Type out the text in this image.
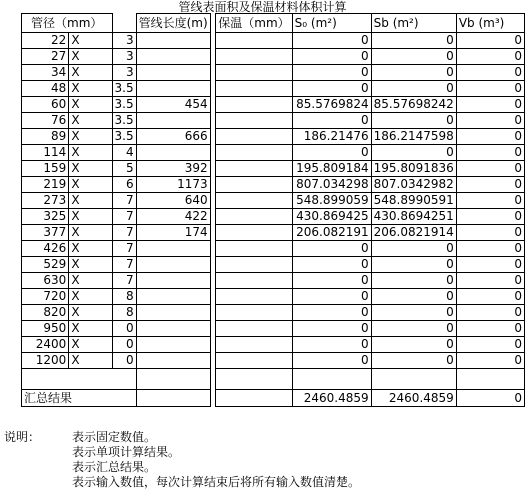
管线表面积及保温材料体积计算
管径（mm）			管线长度(m)		保温（mm）	S₀ (m²)	Sb (m²)	Vb (m³)
22	X	3				0	0	0
27	X	3				0	0	0
34	X	3				0	0	0
48	X	3.5				0	0	0
60	X	3.5	454			85.5769824	85.57698242	0
76	X	3.5				0	0	0
89	X	3.5	666			186.21476	186.2147598	0
114	X	4				0	0	0
159	X	5	392			195.809184	195.8091836	0
219	X	6	1173			807.034298	807.0342982	0
273	X	7	640			548.899059	548.8990591	0
325	X	7	422			430.869425	430.8694251	0
377	X	7	174			206.082191	206.0821914	0
426	X	7				0	0	0
529	X	7				0	0	0
630	X	7				0	0	0
720	X	8				0	0	0
820	X	8				0	0	0
950	X	0				0	0	0
2400	X	0				0	0	0
1200	X	0				0	0	0

汇总结果						2460.4859	2460.4859	0
说明：	表示固定数值。
表示单项计算结果。
表示汇总结果。
表示输入数值，每次计算结束后将所有输入数值清楚。
